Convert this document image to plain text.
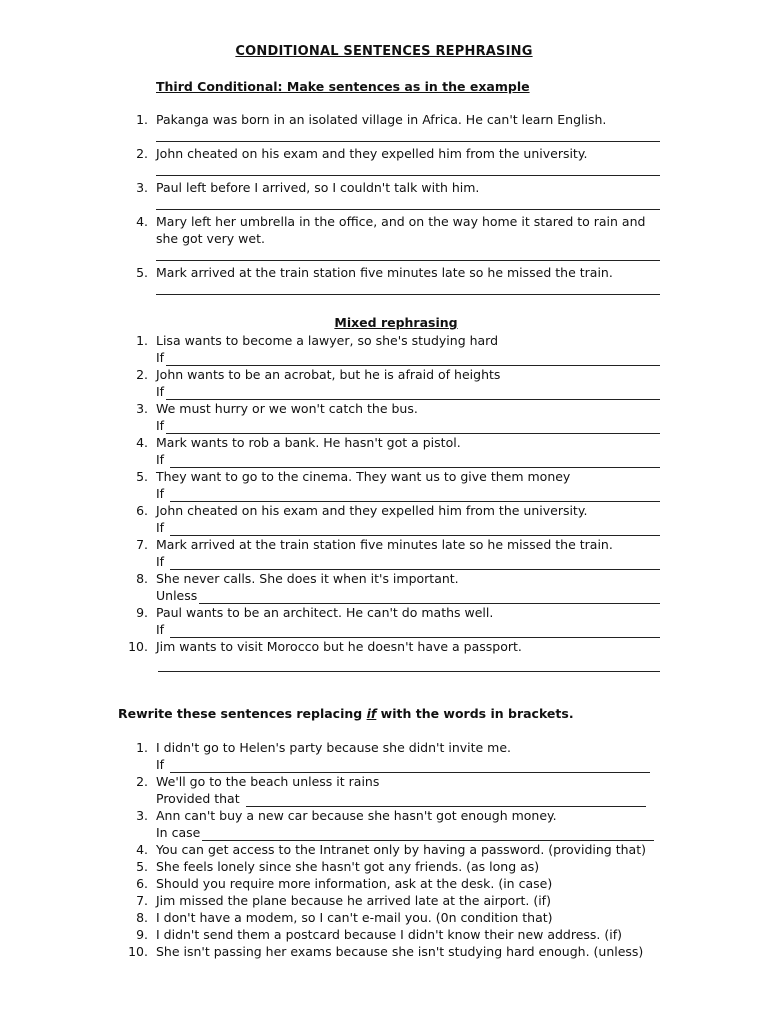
CONDITIONAL SENTENCES REPHRASING
Third Conditional: Make sentences as in the example
1. Pakanga was born in an isolated village in Africa. He can't learn English.
2. John cheated on his exam and they expelled him from the university.
3. Paul left before I arrived, so I couldn't talk with him.
4. Mary left her umbrella in the office, and on the way home it stared to rain and she got very wet.
5. Mark arrived at the train station five minutes late so he missed the train.
Mixed rephrasing
1. Lisa wants to become a lawyer, so she's studying hard
If
2. John wants to be an acrobat, but he is afraid of heights
If
3. We must hurry or we won't catch the bus.
If
4. Mark wants to rob a bank. He hasn't got a pistol.
If
5. They want to go to the cinema. They want us to give them money
If
6. John cheated on his exam and they expelled him from the university.
If
7. Mark arrived at the train station five minutes late so he missed the train.
If
8. She never calls. She does it when it's important.
Unless
9. Paul wants to be an architect. He can't do maths well.
If
10. Jim wants to visit Morocco but he doesn't have a passport.
Rewrite these sentences replacing if with the words in brackets.
1. I didn't go to Helen's party because she didn't invite me.
If
2. We'll go to the beach unless it rains
Provided that
3. Ann can't buy a new car because she hasn't got enough money.
In case
4. You can get access to the Intranet only by having a password. (providing that)
5. She feels lonely since she hasn't got any friends. (as long as)
6. Should you require more information, ask at the desk. (in case)
7. Jim missed the plane because he arrived late at the airport. (if)
8. I don't have a modem, so I can't e-mail you. (0n condition that)
9. I didn't send them a postcard because I didn't know their new address. (if)
10. She isn't passing her exams because she isn't studying hard enough. (unless)
